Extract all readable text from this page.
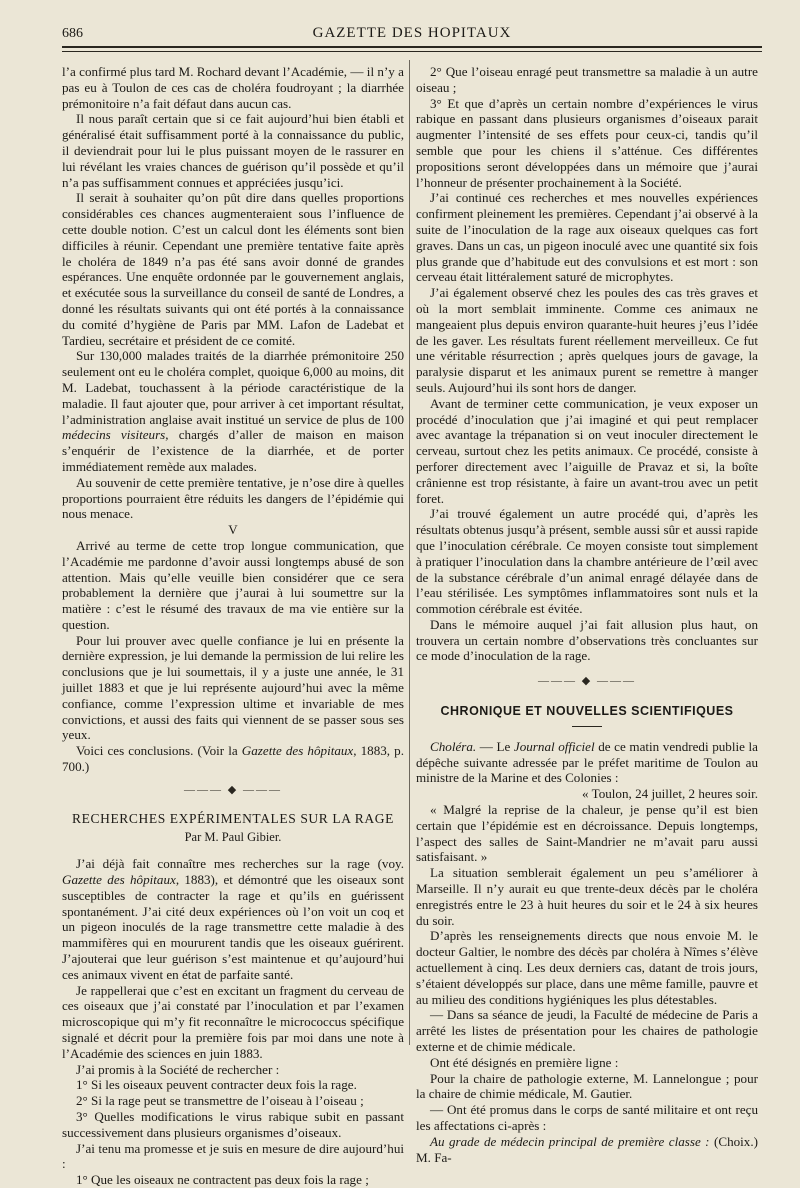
686	GAZETTE DES HOPITAUX

l’a confirmé plus tard M. Rochard devant l’Académie, — il n’y a pas eu à Toulon de ces cas de choléra foudroyant ; la diarrhée prémonitoire n’a fait défaut dans aucun cas.

Il nous paraît certain que si ce fait aujourd’hui bien établi et généralisé était suffisamment porté à la connaissance du public, il deviendrait pour lui le plus puissant moyen de le rassurer en lui révélant les vraies chances de guérison qu’il possède et qu’il n’a pas suffisamment connues et appréciées jusqu’ici.

Il serait à souhaiter qu’on pût dire dans quelles proportions considérables ces chances augmenteraient sous l’influence de cette double notion. C’est un calcul dont les éléments sont bien difficiles à réunir. Cependant une première tentative faite après le choléra de 1849 n’a pas été sans avoir donné de grandes espérances. Une enquête ordonnée par le gouvernement anglais, et exécutée sous la surveillance du conseil de santé de Londres, a donné les résultats suivants qui ont été portés à la connaissance du comité d’hygiène de Paris par MM. Lafon de Ladebat et Tardieu, secrétaire et président de ce comité.

Sur 130,000 malades traités de la diarrhée prémonitoire 250 seulement ont eu le choléra complet, quoique 6,000 au moins, dit M. Ladebat, touchassent à la période caractéristique de la maladie. Il faut ajouter que, pour arriver à cet important résultat, l’administration anglaise avait institué un service de plus de 100 médecins visiteurs, chargés d’aller de maison en maison s’enquérir de l’existence de la diarrhée, et de porter immédiatement remède aux malades.

Au souvenir de cette première tentative, je n’ose dire à quelles proportions pourraient être réduits les dangers de l’épidémie qui nous menace.

V

Arrivé au terme de cette trop longue communication, que l’Académie me pardonne d’avoir aussi longtemps abusé de son attention. Mais qu’elle veuille bien considérer que ce sera probablement la dernière que j’aurai à lui soumettre sur la matière : c’est le résumé des travaux de ma vie entière sur la question.

Pour lui prouver avec quelle confiance je lui en présente la dernière expression, je lui demande la permission de lui relire les conclusions que je lui soumettais, il y a juste une année, le 31 juillet 1883 et que je lui représente aujourd’hui avec la même confiance, comme l’expression ultime et invariable de mes convictions, et aussi des faits qui viennent de se passer sous ses yeux.

Voici ces conclusions. (Voir la Gazette des hôpitaux, 1883, p. 700.)

——— ◆ ———
RECHERCHES EXPÉRIMENTALES SUR LA RAGE
Par M. Paul Gibier.

J’ai déjà fait connaître mes recherches sur la rage (voy. Gazette des hôpitaux, 1883), et démontré que les oiseaux sont susceptibles de contracter la rage et qu’ils en guérissent spontanément. J’ai cité deux expériences où l’on voit un coq et un pigeon inoculés de la rage transmettre cette maladie à des mammifères qui en moururent tandis que les oiseaux guérirent. J’ajouterai que leur guérison s’est maintenue et qu’aujourd’hui ces animaux vivent en état de parfaite santé.

Je rappellerai que c’est en excitant un fragment du cerveau de ces oiseaux que j’ai constaté par l’inoculation et par l’examen microscopique qui m’y fit reconnaître le micrococcus spécifique signalé et décrit pour la première fois par moi dans une note à l’Académie des sciences en juin 1883.

J’ai promis à la Société de rechercher :

1° Si les oiseaux peuvent contracter deux fois la rage.

2° Si la rage peut se transmettre de l’oiseau à l’oiseau ;

3° Quelles modifications le virus rabique subit en passant successivement dans plusieurs organismes d’oiseaux.

J’ai tenu ma promesse et je suis en mesure de dire aujourd’hui :

1° Que les oiseaux ne contractent pas deux fois la rage ;

2° Que l’oiseau enragé peut transmettre sa maladie à un autre oiseau ;

3° Et que d’après un certain nombre d’expériences le virus rabique en passant dans plusieurs organismes d’oiseaux parait augmenter l’intensité de ses effets pour ceux-ci, tandis qu’il semble que pour les chiens il s’atténue. Ces différentes propositions seront développées dans un mémoire que j’aurai l’honneur de présenter prochainement à la Société.

J’ai continué ces recherches et mes nouvelles expériences confirment pleinement les premières. Cependant j’ai observé à la suite de l’inoculation de la rage aux oiseaux quelques cas fort graves. Dans un cas, un pigeon inoculé avec une quantité six fois plus grande que d’habitude eut des convulsions et est mort : son cerveau était littéralement saturé de microphytes.

J’ai également observé chez les poules des cas très graves et où la mort semblait imminente. Comme ces animaux ne mangeaient plus depuis environ quarante-huit heures j’eus l’idée de les gaver. Les résultats furent réellement merveilleux. Ce fut une véritable résurrection ; après quelques jours de gavage, la paralysie disparut et les animaux purent se remettre à manger seuls. Aujourd’hui ils sont hors de danger.

Avant de terminer cette communication, je veux exposer un procédé d’inoculation que j’ai imaginé et qui peut remplacer avec avantage la trépanation si on veut inoculer directement le cerveau, surtout chez les petits animaux. Ce procédé, consiste à perforer directement avec l’aiguille de Pravaz et si, la boîte crânienne est trop résistante, à faire un avant-trou avec un petit foret.

J’ai trouvé également un autre procédé qui, d’après les résultats obtenus jusqu’à présent, semble aussi sûr et aussi rapide que l’inoculation cérébrale. Ce moyen consiste tout simplement à pratiquer l’inoculation dans la chambre antérieure de l’œil avec de la substance cérébrale d’un animal enragé délayée dans de l’eau stérilisée. Les symptômes inflammatoires sont nuls et la commotion cérébrale est évitée.

Dans le mémoire auquel j’ai fait allusion plus haut, on trouvera un certain nombre d’observations très concluantes sur ce mode d’inoculation de la rage.

——— ◆ ———
CHRONIQUE ET NOUVELLES SCIENTIFIQUES

Choléra. — Le Journal officiel de ce matin vendredi publie la dépêche suivante adressée par le préfet maritime de Toulon au ministre de la Marine et des Colonies :

« Toulon, 24 juillet, 2 heures soir.

« Malgré la reprise de la chaleur, je pense qu’il est bien certain que l’épidémie est en décroissance. Depuis longtemps, l’aspect des salles de Saint-Mandrier ne m’avait paru aussi satisfaisant. »

La situation semblerait également un peu s’améliorer à Marseille. Il n’y aurait eu que trente-deux décès par le choléra enregistrés entre le 23 à huit heures du soir et le 24 à six heures du soir.

D’après les renseignements directs que nous envoie M. le docteur Galtier, le nombre des décès par choléra à Nîmes s’élève actuellement à cinq. Les deux derniers cas, datant de trois jours, s’étaient développés sur place, dans une même famille, pauvre et au milieu des conditions hygiéniques les plus détestables.

— Dans sa séance de jeudi, la Faculté de médecine de Paris a arrêté les listes de présentation pour les chaires de pathologie externe et de chimie médicale.

Ont été désignés en première ligne :

Pour la chaire de pathologie externe, M. Lannelongue ; pour la chaire de chimie médicale, M. Gautier.

— Ont été promus dans le corps de santé militaire et ont reçu les affectations ci-après :

Au grade de médecin principal de première classe : (Choix.) M. Fa-
